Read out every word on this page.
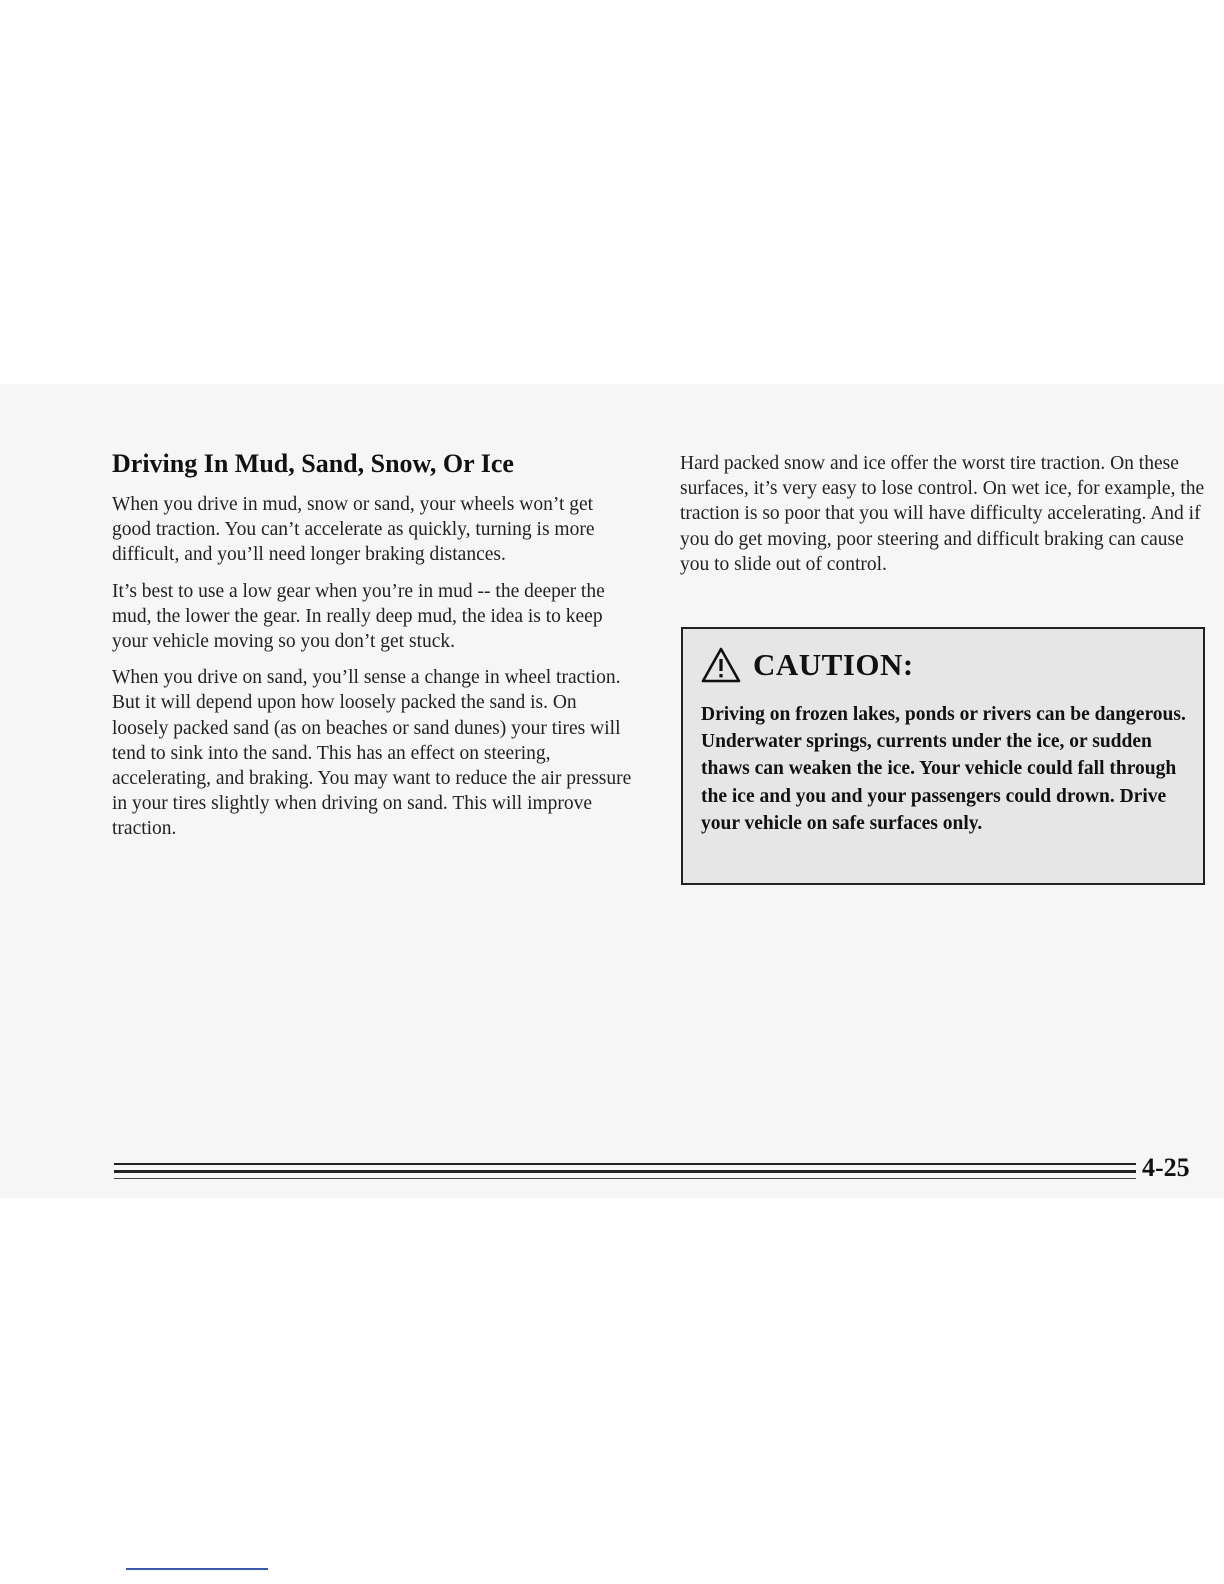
Driving In Mud, Sand, Snow, Or Ice

When you drive in mud, snow or sand, your wheels won’t get good traction. You can’t accelerate as quickly, turning is more difficult, and you’ll need longer braking distances.

It’s best to use a low gear when you’re in mud -- the deeper the mud, the lower the gear. In really deep mud, the idea is to keep your vehicle moving so you don’t get stuck.

When you drive on sand, you’ll sense a change in wheel traction. But it will depend upon how loosely packed the sand is. On loosely packed sand (as on beaches or sand dunes) your tires will tend to sink into the sand. This has an effect on steering, accelerating, and braking. You may want to reduce the air pressure in your tires slightly when driving on sand. This will improve traction.

Hard packed snow and ice offer the worst tire traction. On these surfaces, it’s very easy to lose control. On wet ice, for example, the traction is so poor that you will have difficulty accelerating. And if you do get moving, poor steering and difficult braking can cause you to slide out of control.

CAUTION:

Driving on frozen lakes, ponds or rivers can be dangerous. Underwater springs, currents under the ice, or sudden thaws can weaken the ice. Your vehicle could fall through the ice and you and your passengers could drown. Drive your vehicle on safe surfaces only.

4-25
